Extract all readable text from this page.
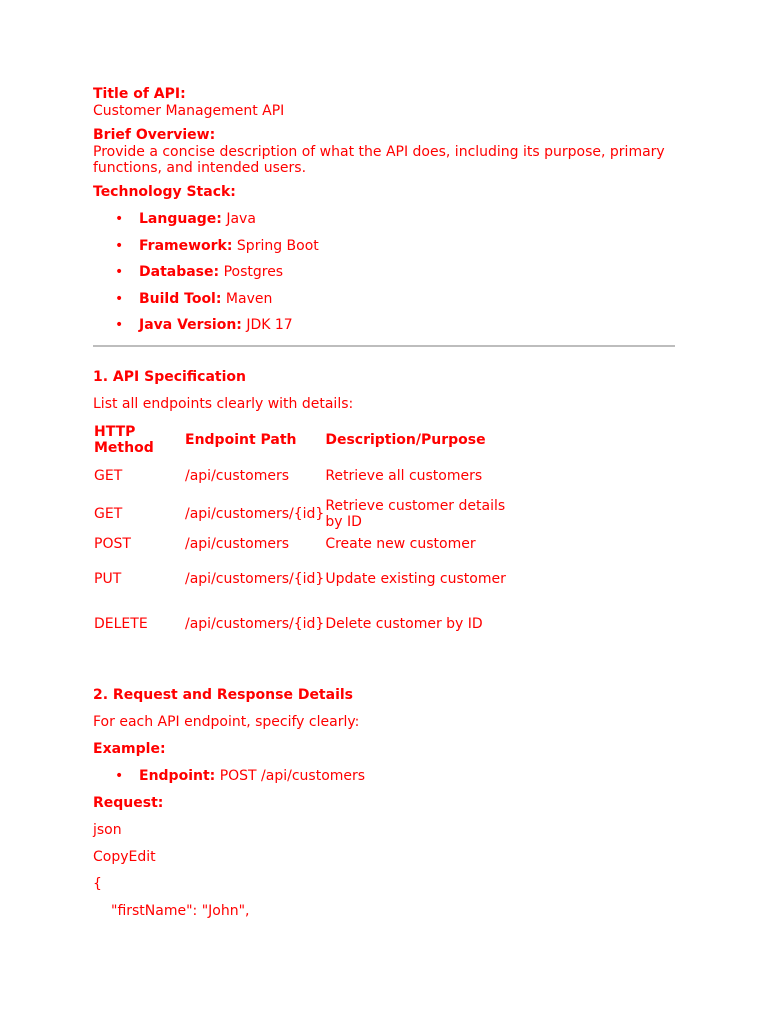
Title of API:
Customer Management API
Brief Overview:
Provide a concise description of what the API does, including its purpose, primary functions, and intended users.
Technology Stack:
• Language: Java
• Framework: Spring Boot
• Database: Postgres
• Build Tool: Maven
• Java Version: JDK 17
1. API Specification
List all endpoints clearly with details:
HTTP Method	Endpoint Path	Description/Purpose
GET	/api/customers	Retrieve all customers
GET	/api/customers/{id}	Retrieve customer details by ID
POST	/api/customers	Create new customer
PUT	/api/customers/{id}	Update existing customer
DELETE	/api/customers/{id}	Delete customer by ID
2. Request and Response Details
For each API endpoint, specify clearly:
Example:
• Endpoint: POST /api/customers
Request:
json
CopyEdit
{
"firstName": "John",
